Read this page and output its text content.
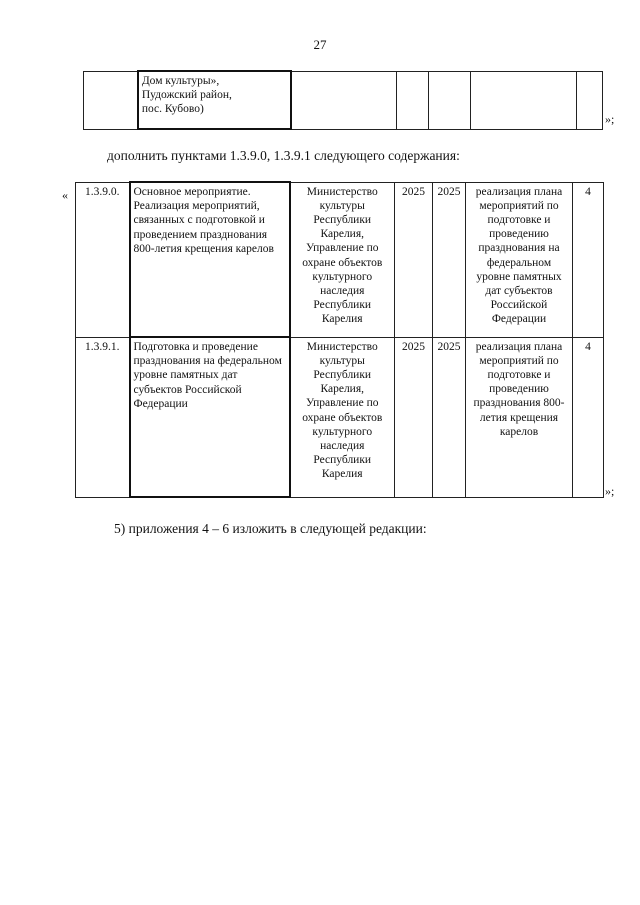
27
	Дом культуры»,
Пудожский район,
пос. Кубово)					
»;
дополнить пунктами 1.3.9.0, 1.3.9.1 следующего содержания:
« 1.3.9.0.	Основное мероприятие. Реализация мероприятий, связанных с подготовкой и проведением празднования 800-летия крещения карелов	Министерство культуры Республики Карелия, Управление по охране объектов культурного наследия Республики Карелия	2025	2025	реализация плана мероприятий по подготовке и проведению празднования на федеральном уровне памятных дат субъектов Российской Федерации	4
1.3.9.1.	Подготовка и проведение празднования на федеральном уровне памятных дат субъектов Российской Федерации	Министерство культуры Республики Карелия, Управление по охране объектов культурного наследия Республики Карелия	2025	2025	реализация плана мероприятий по подготовке и проведению празднования 800-летия крещения карелов	4
»;
5) приложения 4 – 6 изложить в следующей редакции:
